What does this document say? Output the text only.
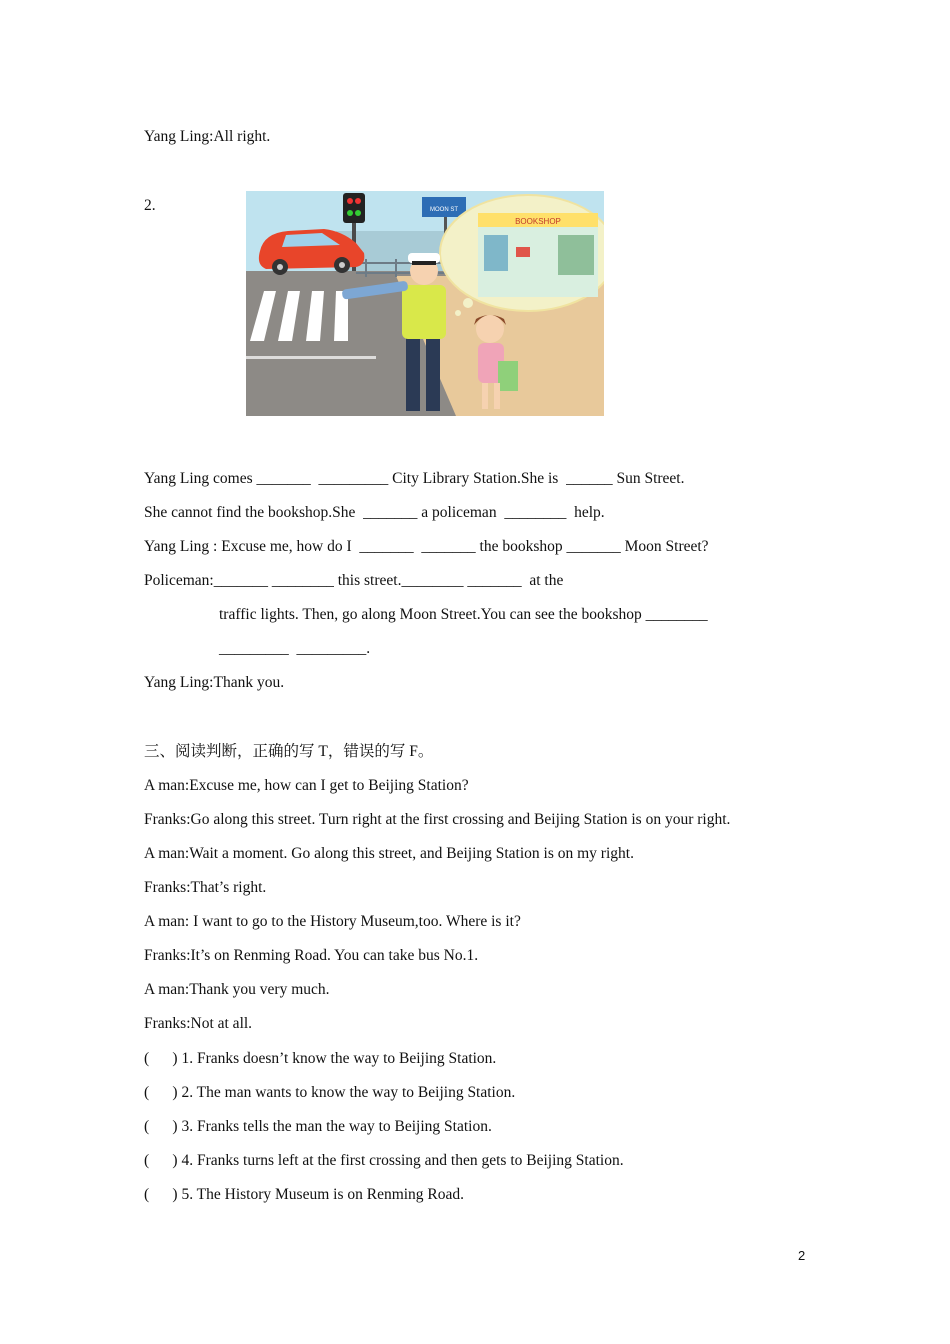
Yang Ling:All right.
2.	MOON ST
BOOKSHOP
Yang Ling comes _______  _________ City Library Station.She is  ______ Sun Street.
She cannot find the bookshop.She  _______ a policeman  ________  help.
Yang Ling : Excuse me, how do I  _______  _______ the bookshop _______ Moon Street?
Policeman:_______ ________ this street.________ _______  at the
traffic lights. Then, go along Moon Street.You can see the bookshop ________
_________  _________.
Yang Ling:Thank you.
三、阅读判断，正确的写 T，错误的写 F。
A man:Excuse me, how can I get to Beijing Station?
Franks:Go along this street. Turn right at the first crossing and Beijing Station is on your right.
A man:Wait a moment. Go along this street, and Beijing Station is on my right.
Franks:That’s right.
A man: I want to go to the History Museum,too. Where is it?
Franks:It’s on Renming Road. You can take bus No.1.
A man:Thank you very much.
Franks:Not at all.
(      ) 1. Franks doesn’t know the way to Beijing Station.
(      ) 2. The man wants to know the way to Beijing Station.
(      ) 3. Franks tells the man the way to Beijing Station.
(      ) 4. Franks turns left at the first crossing and then gets to Beijing Station.
(      ) 5. The History Museum is on Renming Road.
2
